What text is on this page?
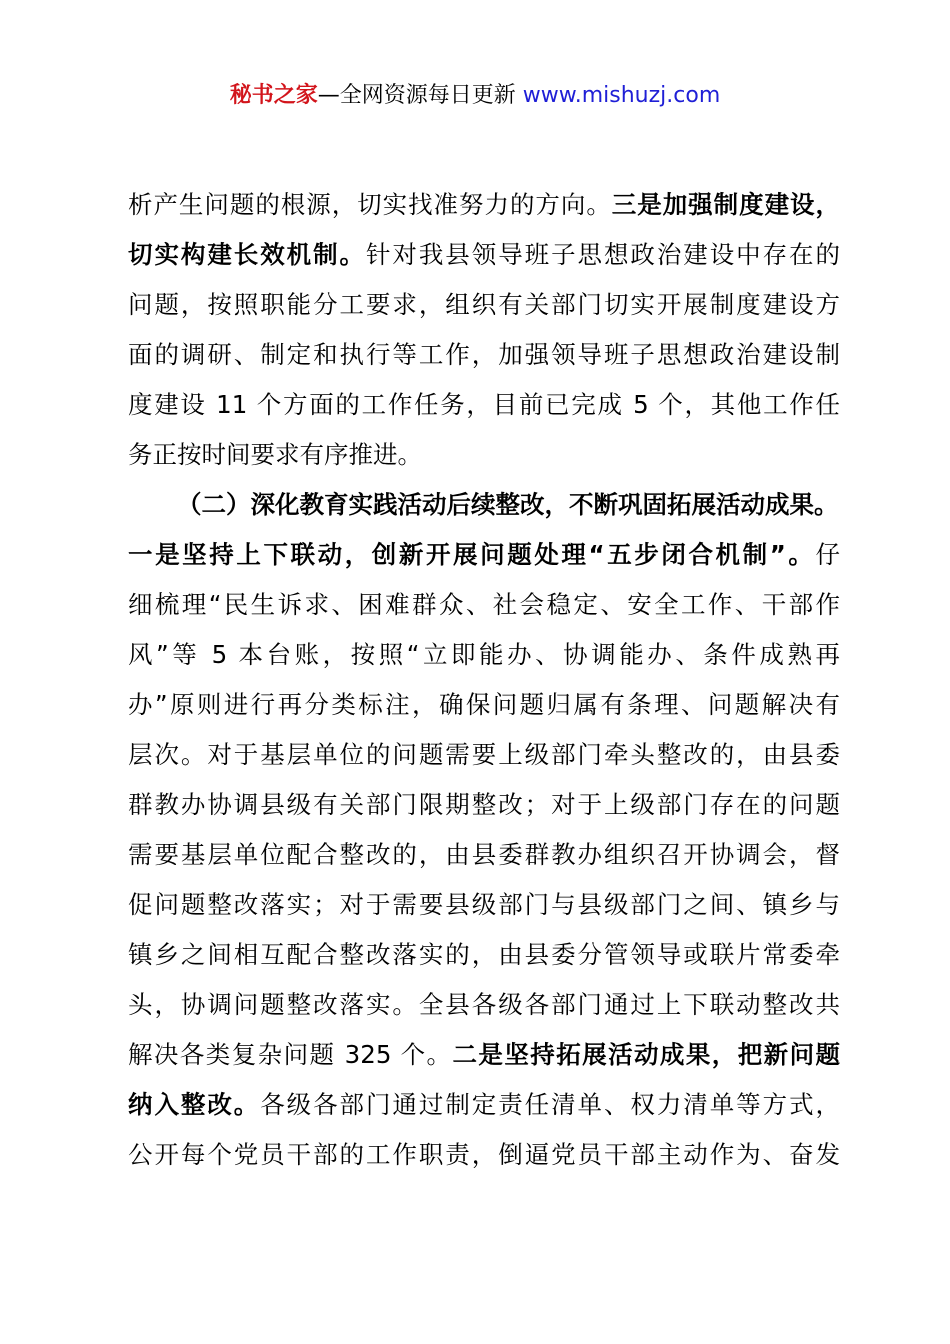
秘书之家—全网资源每日更新 www.mishuzj.com
析产生问题的根源，切实找准努力的方向。三是加强制度建设，
切实构建长效机制。针对我县领导班子思想政治建设中存在的
问题，按照职能分工要求，组织有关部门切实开展制度建设方
面的调研、制定和执行等工作，加强领导班子思想政治建设制
度建设 11 个方面的工作任务，目前已完成 5 个，其他工作任
务正按时间要求有序推进。
（二）深化教育实践活动后续整改，不断巩固拓展活动成果。
一是坚持上下联动，创新开展问题处理“五步闭合机制”。仔
细梳理“民生诉求、困难群众、社会稳定、安全工作、干部作
风”等 5 本台账，按照“立即能办、协调能办、条件成熟再
办”原则进行再分类标注，确保问题归属有条理、问题解决有
层次。对于基层单位的问题需要上级部门牵头整改的，由县委
群教办协调县级有关部门限期整改；对于上级部门存在的问题
需要基层单位配合整改的，由县委群教办组织召开协调会，督
促问题整改落实；对于需要县级部门与县级部门之间、镇乡与
镇乡之间相互配合整改落实的，由县委分管领导或联片常委牵
头，协调问题整改落实。全县各级各部门通过上下联动整改共
解决各类复杂问题 325 个。二是坚持拓展活动成果，把新问题
纳入整改。各级各部门通过制定责任清单、权力清单等方式，
公开每个党员干部的工作职责，倒逼党员干部主动作为、奋发
